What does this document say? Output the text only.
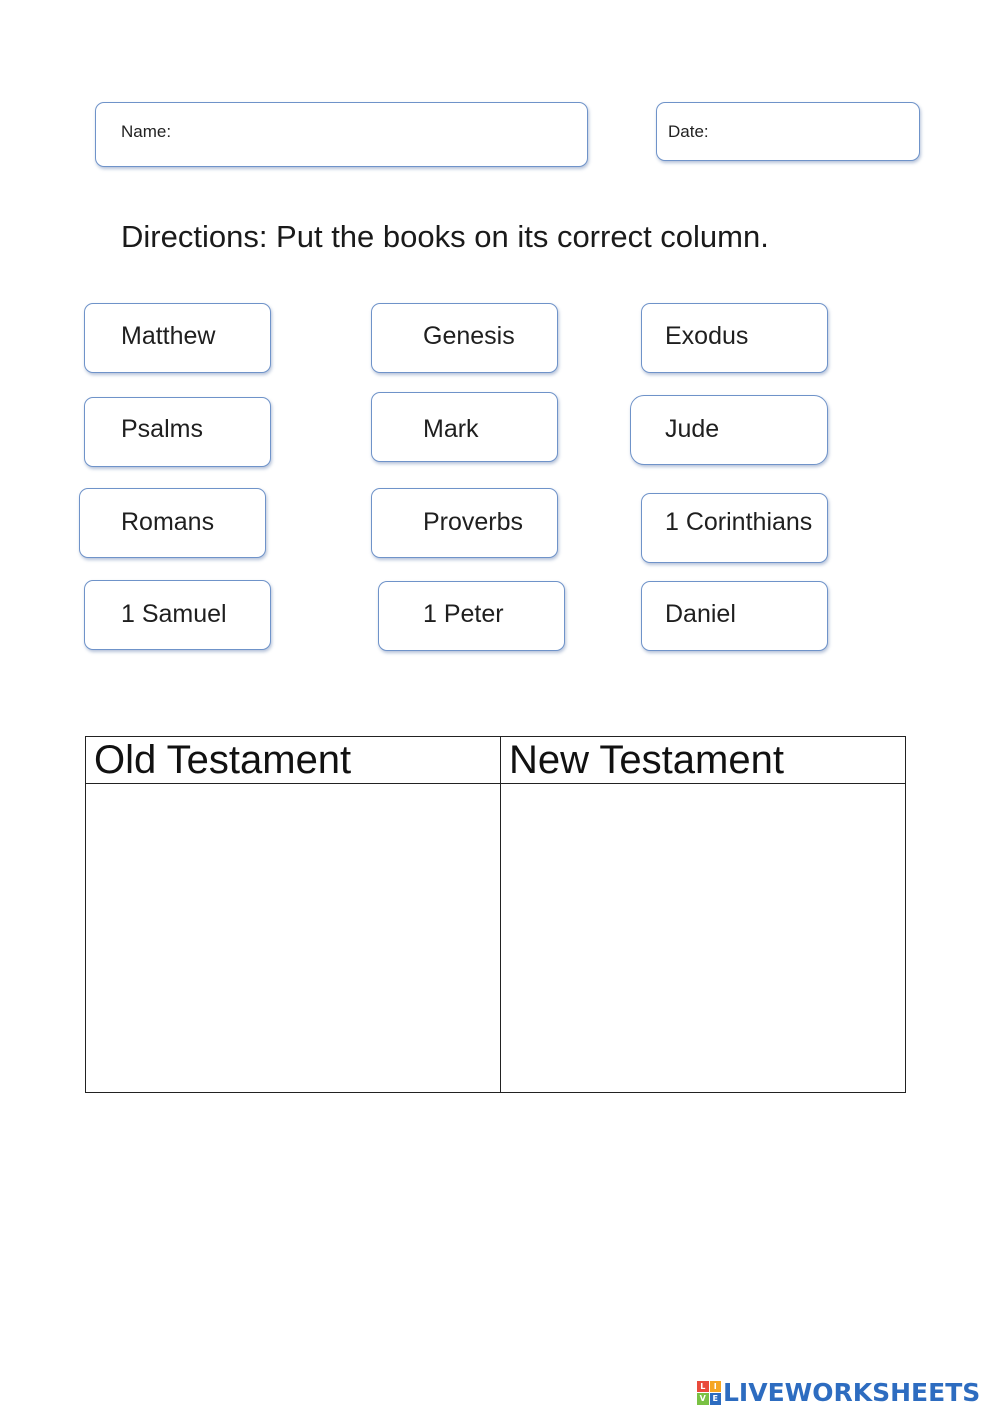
Name:	Date:
Directions: Put the books on its correct column.
Matthew	Genesis	Exodus
Psalms	Mark	Jude
Romans	Proverbs	1 Corinthians
1 Samuel	1 Peter	Daniel
Old Testament	New Testament

L	I
V E LIVEWORKSHEETS
